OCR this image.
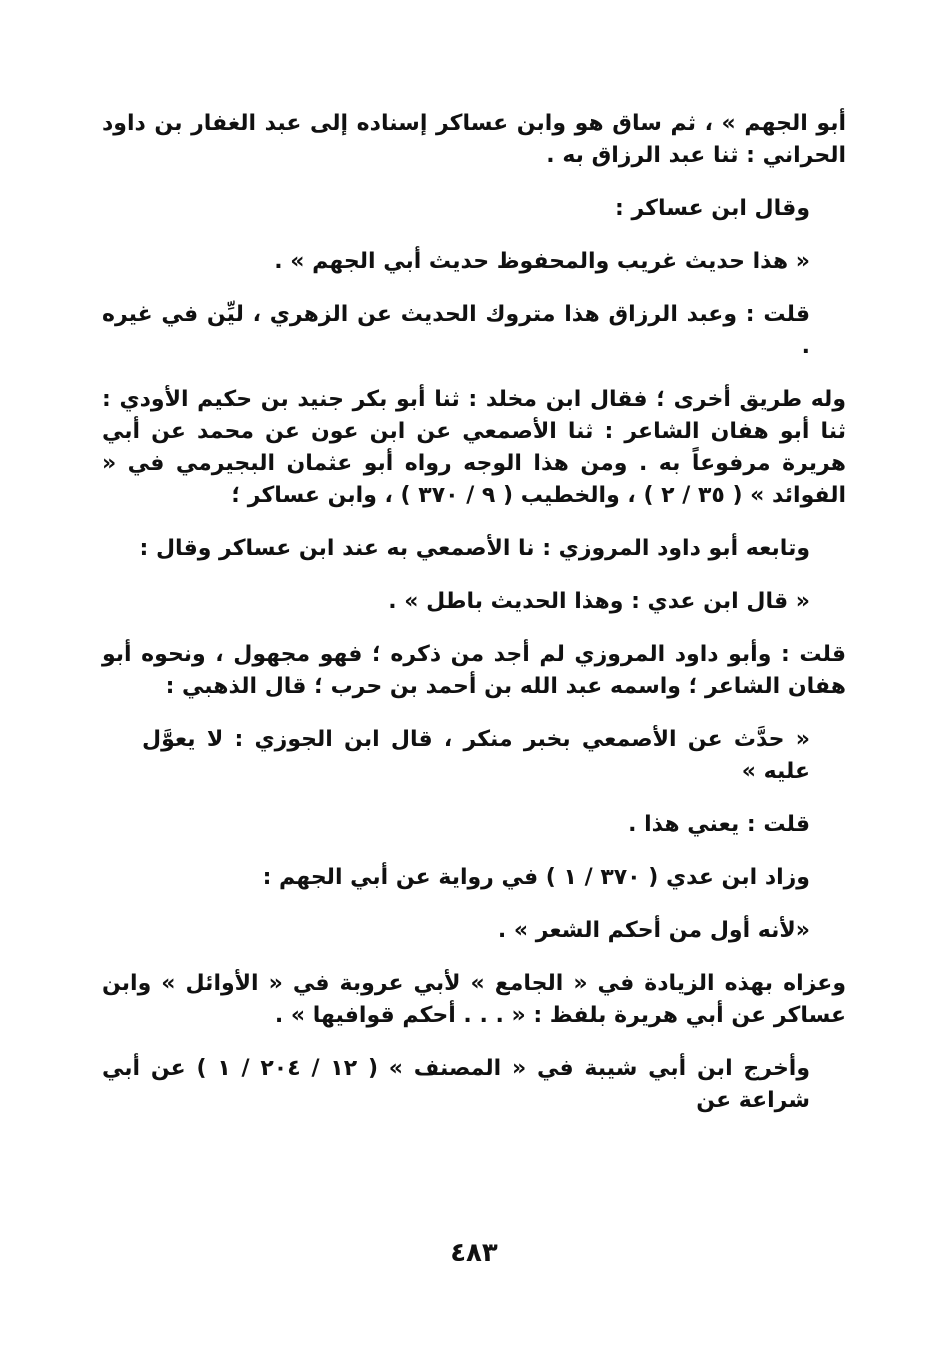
أبو الجهم » ، ثم ساق هو وابن عساكر إسناده إلى عبد الغفار بن داود الحراني : ثنا عبد الرزاق به .

وقال ابن عساكر :

« هذا حديث غريب والمحفوظ حديث أبي الجهم » .

قلت : وعبد الرزاق هذا متروك الحديث عن الزهري ، ليِّن في غيره .

وله طريق أخرى ؛ فقال ابن مخلد : ثنا أبو بكر جنيد بن حكيم الأودي : ثنا أبو هفان الشاعر : ثنا الأصمعي عن ابن عون عن محمد عن أبي هريرة مرفوعاً به . ومن هذا الوجه رواه أبو عثمان البجيرمي في « الفوائد » ( ٣٥ / ٢ ) ، والخطيب ( ٩ / ٣٧٠ ) ، وابن عساكر ؛

وتابعه أبو داود المروزي : نا الأصمعي به عند ابن عساكر وقال :

« قال ابن عدي : وهذا الحديث باطل » .

قلت : وأبو داود المروزي لم أجد من ذكره ؛ فهو مجهول ، ونحوه أبو هفان الشاعر ؛ واسمه عبد الله بن أحمد بن حرب ؛ قال الذهبي :

« حدَّث عن الأصمعي بخبر منكر ، قال ابن الجوزي : لا يعوَّل عليه »

قلت : يعني هذا .

وزاد ابن عدي ( ٣٧٠ / ١ ) في رواية عن أبي الجهم :

«لأنه أول من أحكم الشعر » .

وعزاه بهذه الزيادة في « الجامع » لأبي عروبة في « الأوائل » وابن عساكر عن أبي هريرة بلفظ : « . . . أحكم قوافيها » .

وأخرج ابن أبي شيبة في « المصنف » ( ١٢ / ٢٠٤ / ١ ) عن أبي شراعة عن

٤٨٣
